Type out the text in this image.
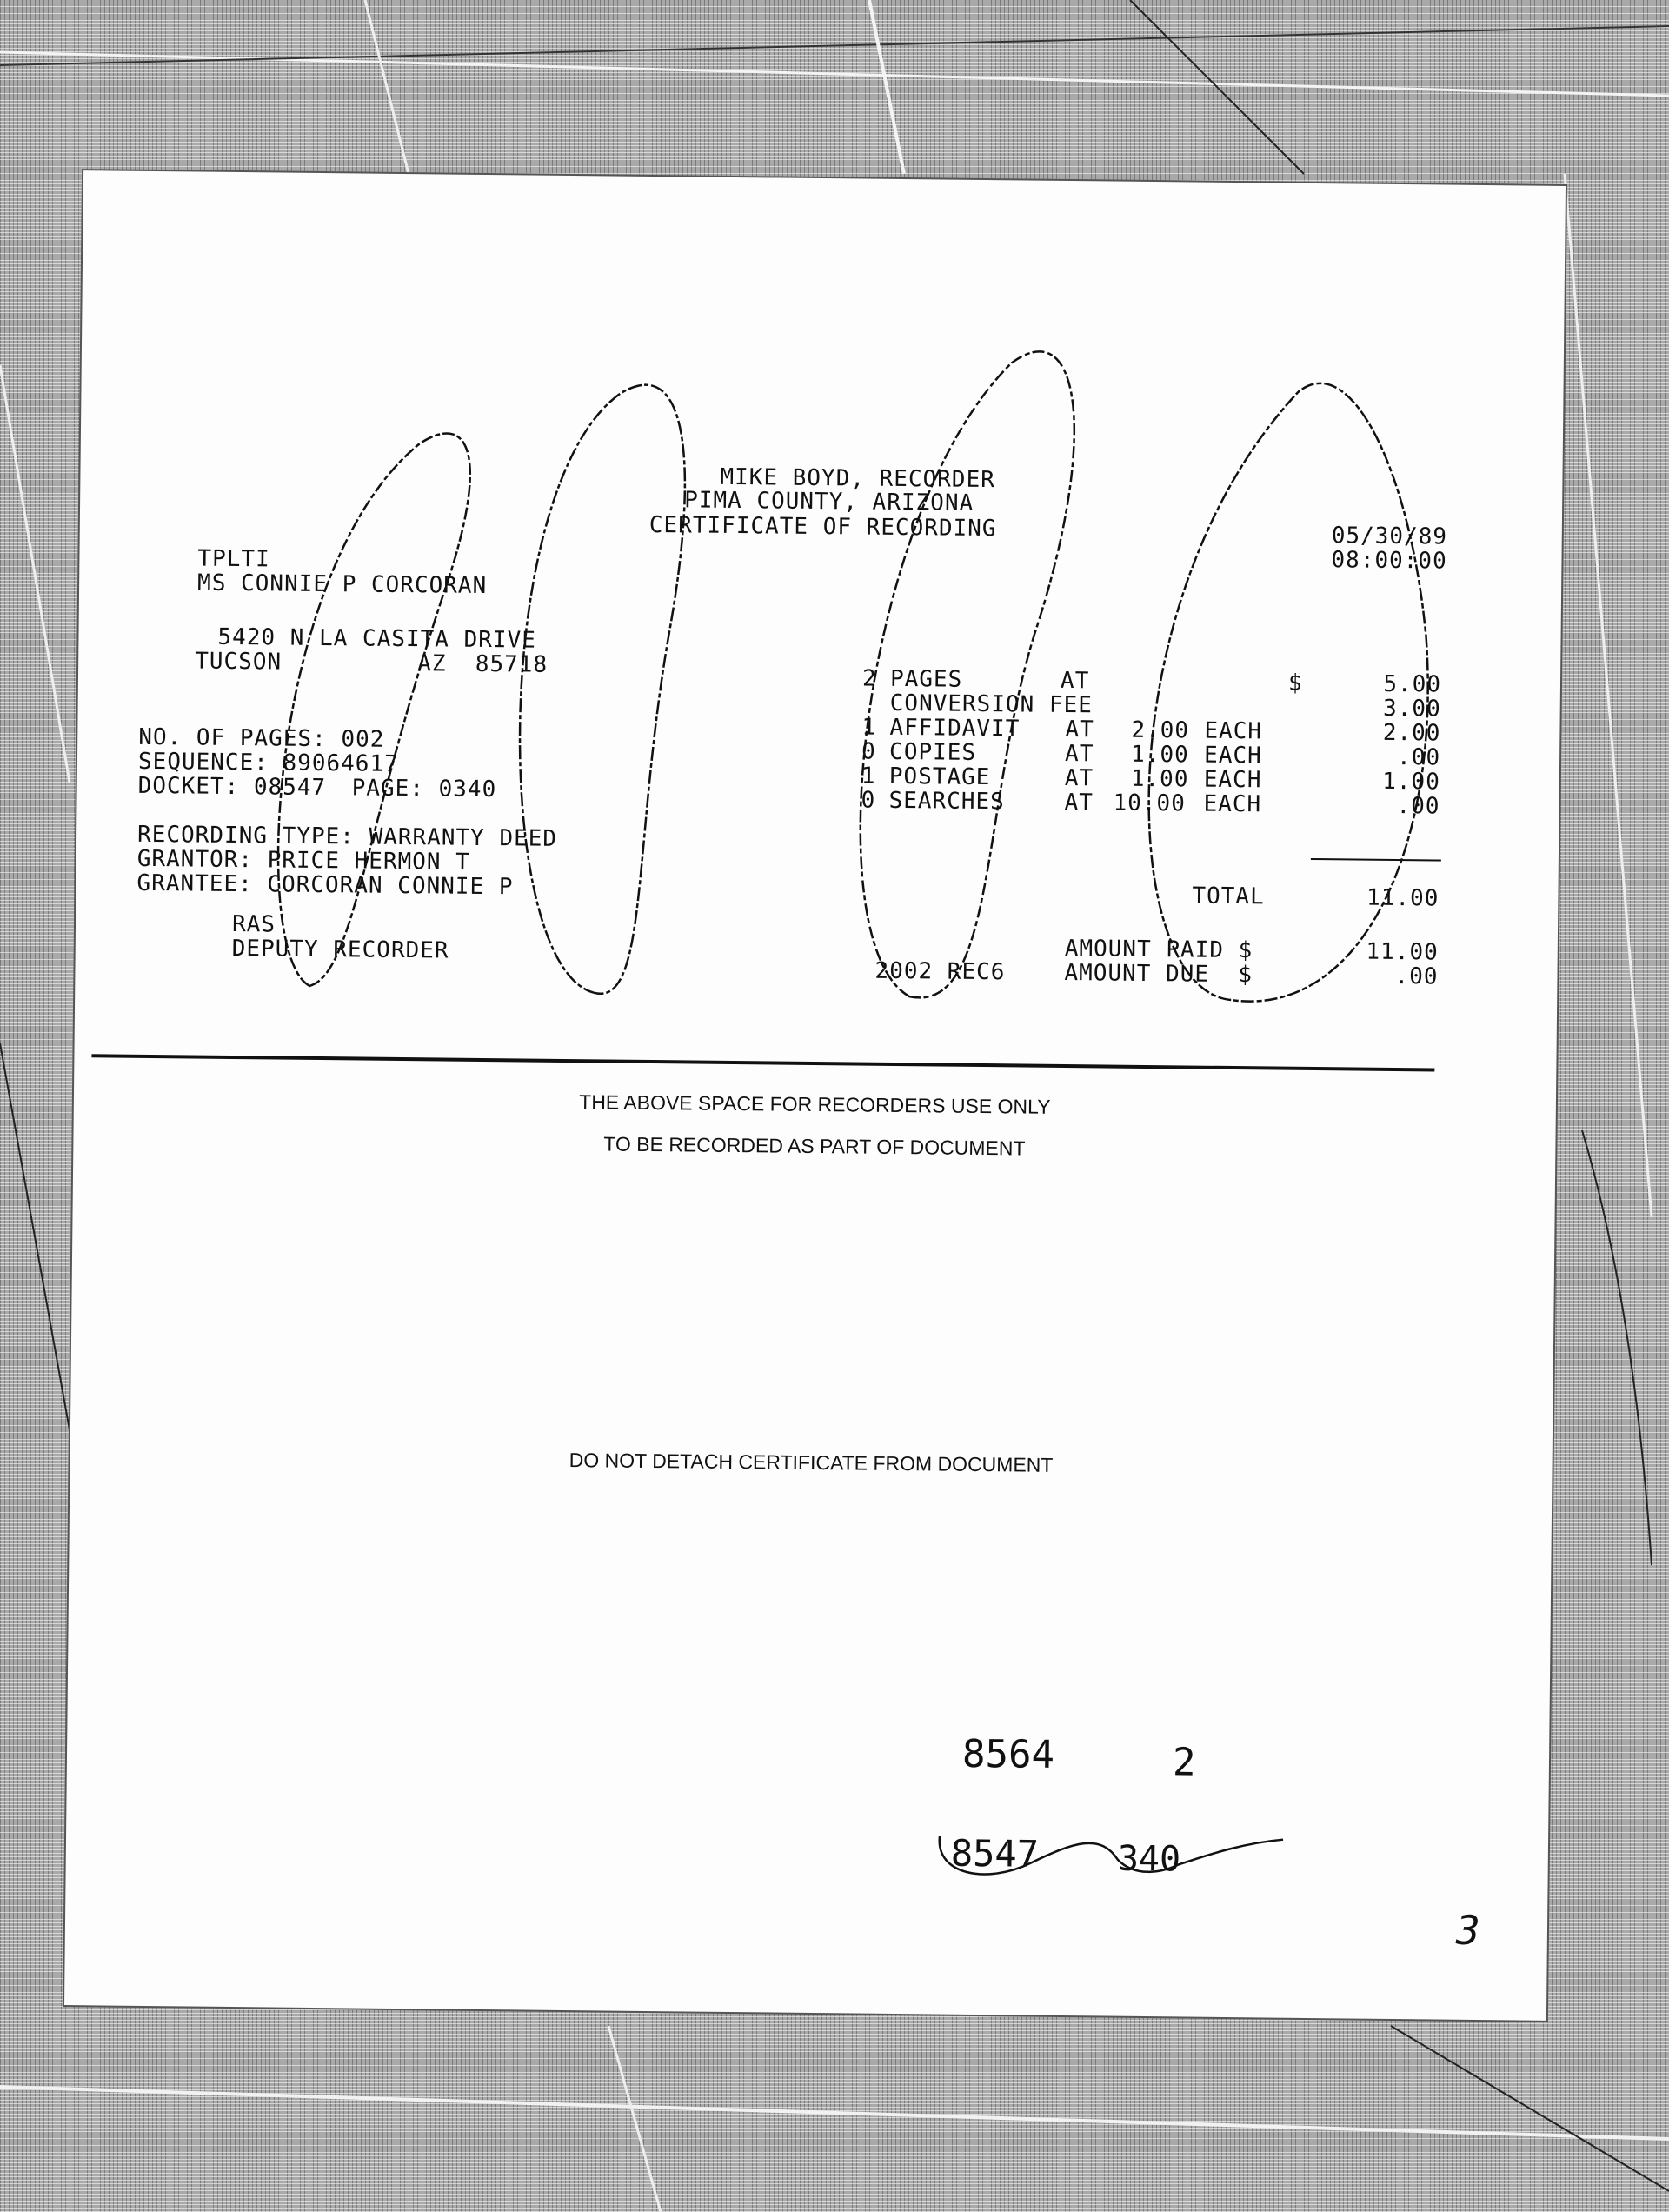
MIKE BOYD, RECORDER
PIMA COUNTY, ARIZONA
CERTIFICATE OF RECORDING	05/30/89
08:00:00
TPLTI
MS CONNIE P CORCORAN
5420 N LA CASITA DRIVE
TUCSON	AZ  85718
NO. OF PAGES: 002
SEQUENCE: 89064617
DOCKET: 08547 PAGE: 0340
RECORDING TYPE: WARRANTY DEED
GRANTOR: PRICE HERMON T
GRANTEE: CORCORAN CONNIE P
2 PAGES	AT	$	5.00
CONVERSION FEE	3.00
1 AFFIDAVIT AT 2.00 EACH	2.00
0 COPIES	AT 1.00 EACH	.00
1 POSTAGE	AT 1.00 EACH	1.00
0 SEARCHES	AT 10.00 EACH	.00
TOTAL	11.00
AMOUNT PAID $	11.00
2002 REC6	AMOUNT DUE  $	.00
RAS
DEPUTY RECORDER
THE ABOVE SPACE FOR RECORDERS USE ONLY
TO BE RECORDED AS PART OF DOCUMENT
DO NOT DETACH CERTIFICATE FROM DOCUMENT
8564	2
8547 340
3
